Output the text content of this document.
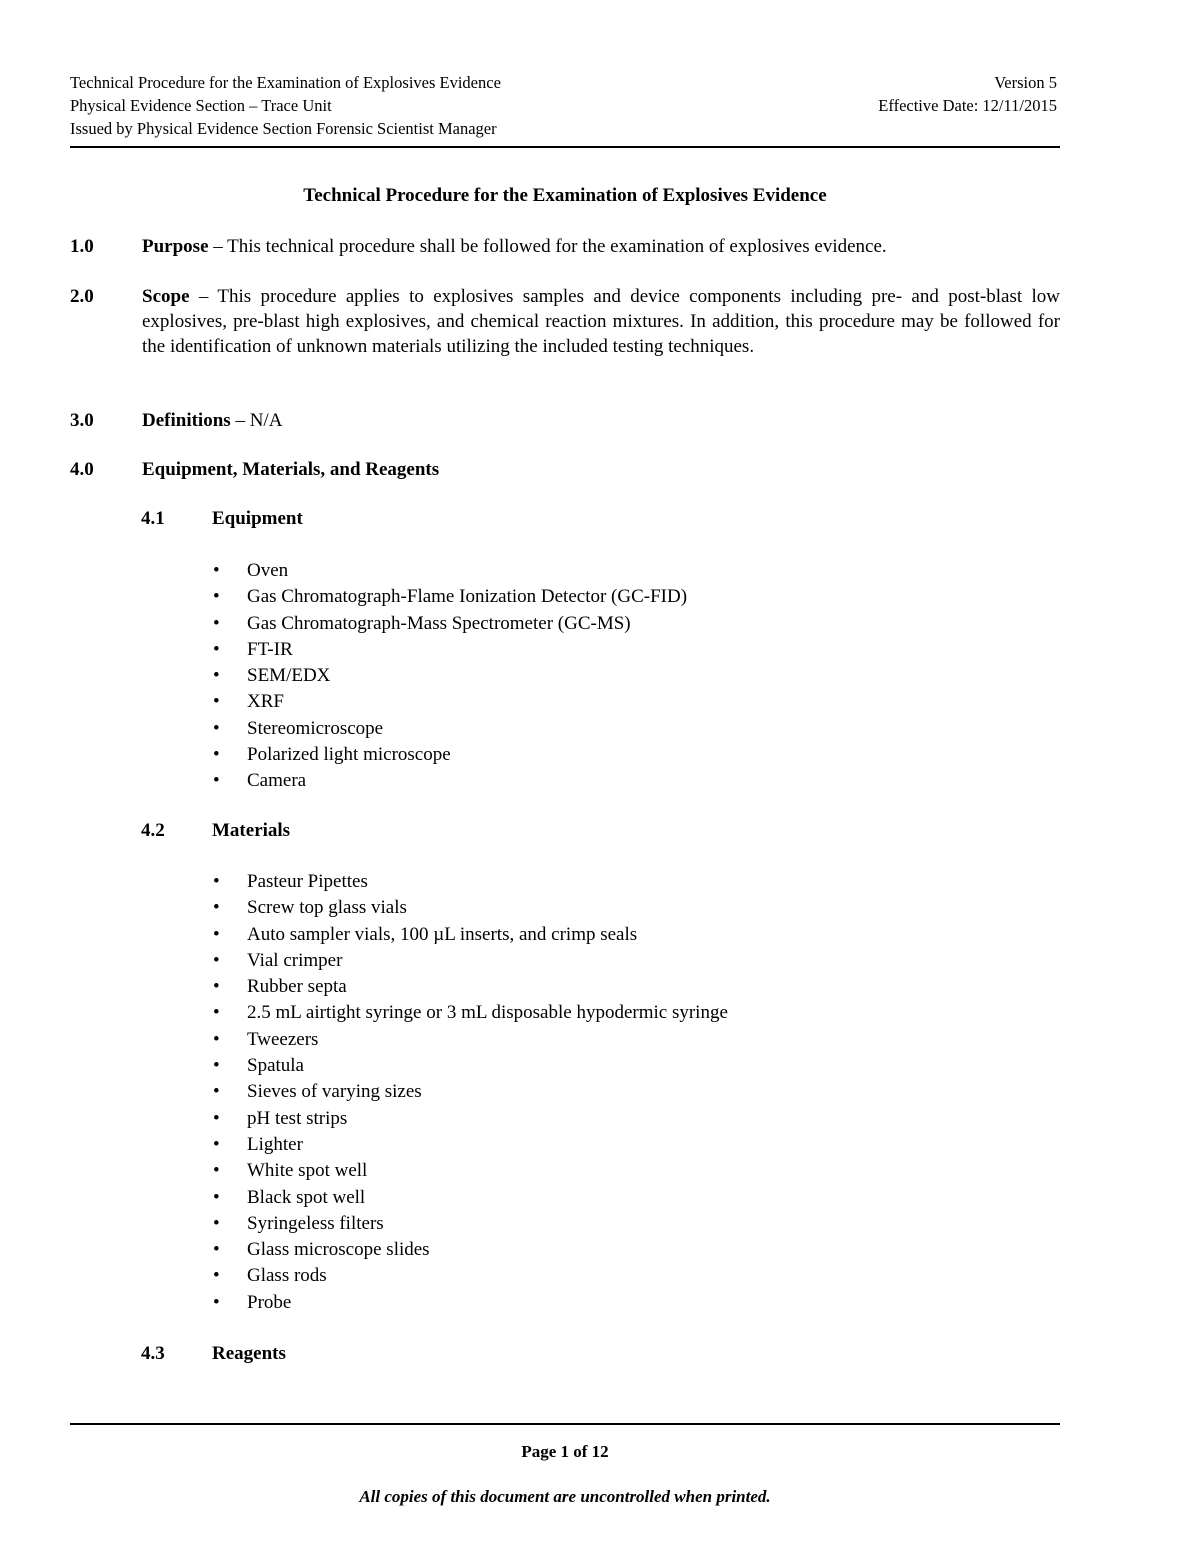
Technical Procedure for the Examination of Explosives Evidence	Version 5
Physical Evidence Section – Trace Unit	Effective Date: 12/11/2015
Issued by Physical Evidence Section Forensic Scientist Manager
Technical Procedure for the Examination of Explosives Evidence
1.0	Purpose – This technical procedure shall be followed for the examination of explosives evidence.
2.0	Scope – This procedure applies to explosives samples and device components including pre- and post-blast low explosives, pre-blast high explosives, and chemical reaction mixtures. In addition, this procedure may be followed for the identification of unknown materials utilizing the included testing techniques.
3.0	Definitions – N/A
4.0	Equipment, Materials, and Reagents
4.1 Equipment
• Oven
• Gas Chromatograph-Flame Ionization Detector (GC-FID)
• Gas Chromatograph-Mass Spectrometer (GC-MS)
• FT-IR
• SEM/EDX
• XRF
• Stereomicroscope
• Polarized light microscope
• Camera
4.2 Materials
• Pasteur Pipettes
• Screw top glass vials
• Auto sampler vials, 100 µL inserts, and crimp seals
• Vial crimper
• Rubber septa
• 2.5 mL airtight syringe or 3 mL disposable hypodermic syringe
• Tweezers
• Spatula
• Sieves of varying sizes
• pH test strips
• Lighter
• White spot well
• Black spot well
• Syringeless filters
• Glass microscope slides
• Glass rods
• Probe
4.3 Reagents
Page 1 of 12
All copies of this document are uncontrolled when printed.
